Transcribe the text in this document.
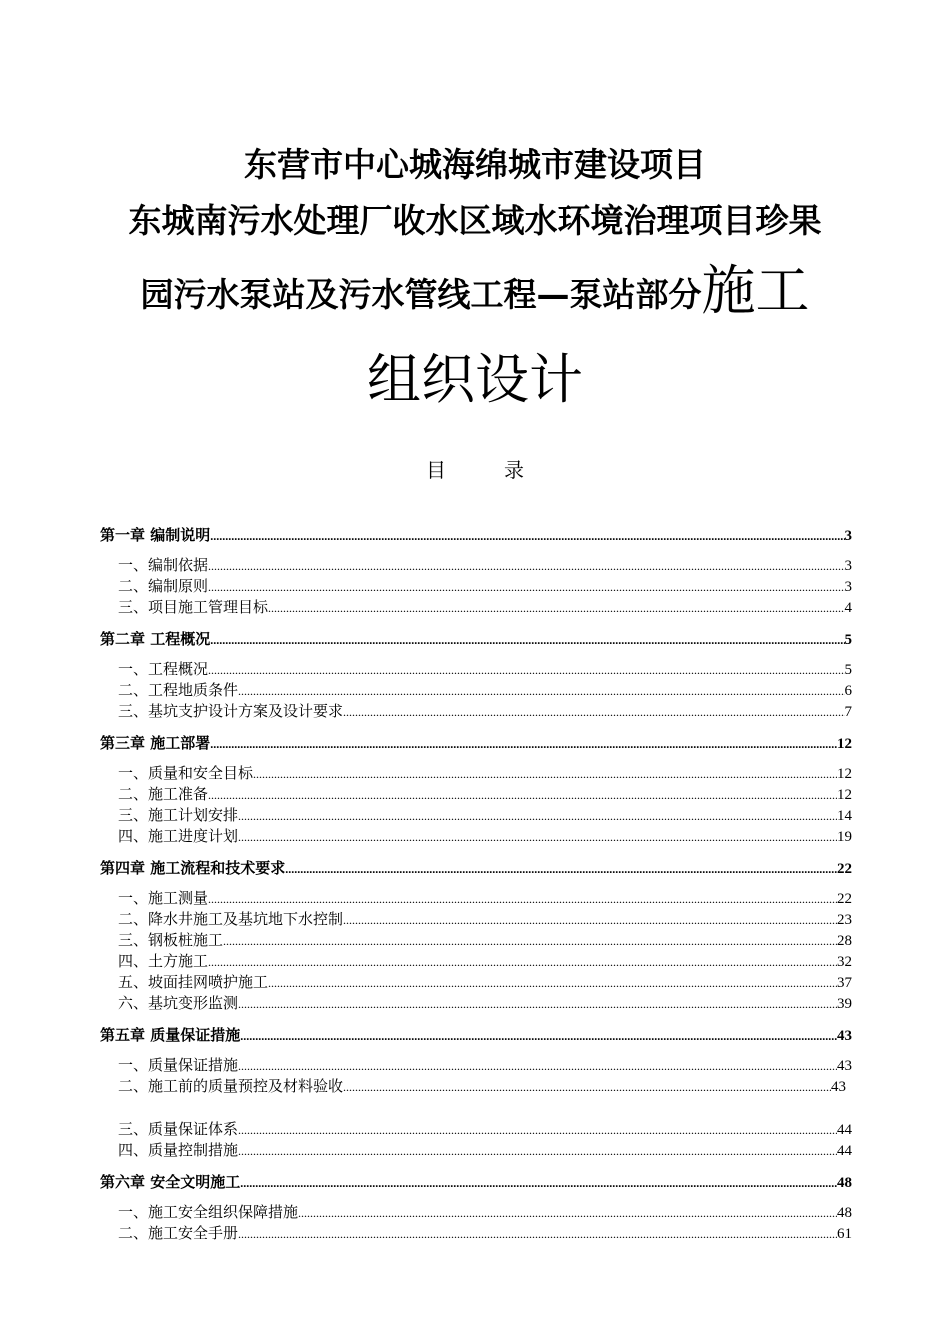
东营市中心城海绵城市建设项目
东城南污水处理厂收水区域水环境治理项目珍果
园污水泵站及污水管线工程—泵站部分施工
组织设计
目	录
第一章 编制说明 .....	3
一、编制依据 .....	3
二、编制原则 .....	3
三、项目施工管理目标 .....	4
第二章 工程概况 .....	5
一、工程概况 .....	5
二、工程地质条件 .....	6
三、基坑支护设计方案及设计要求 .....	7
第三章 施工部署 .....	12
一、质量和安全目标 .....	12
二、施工准备 .....	12
三、施工计划安排 .....	14
四、施工进度计划 .....	19
第四章 施工流程和技术要求 .....	22
一、施工测量 .....	22
二、降水井施工及基坑地下水控制 .....	23
三、钢板桩施工 .....	28
四、土方施工 .....	32
五、坡面挂网喷护施工 .....	37
六、基坑变形监测 .....	39
第五章 质量保证措施 .....	43
一、质量保证措施 .....	43
二、施工前的质量预控及材料验收 .....	43
三、质量保证体系 .....	44
四、质量控制措施 .....	44
第六章 安全文明施工 .....	48
一、施工安全组织保障措施 .....	48
二、施工安全手册 .....	61
